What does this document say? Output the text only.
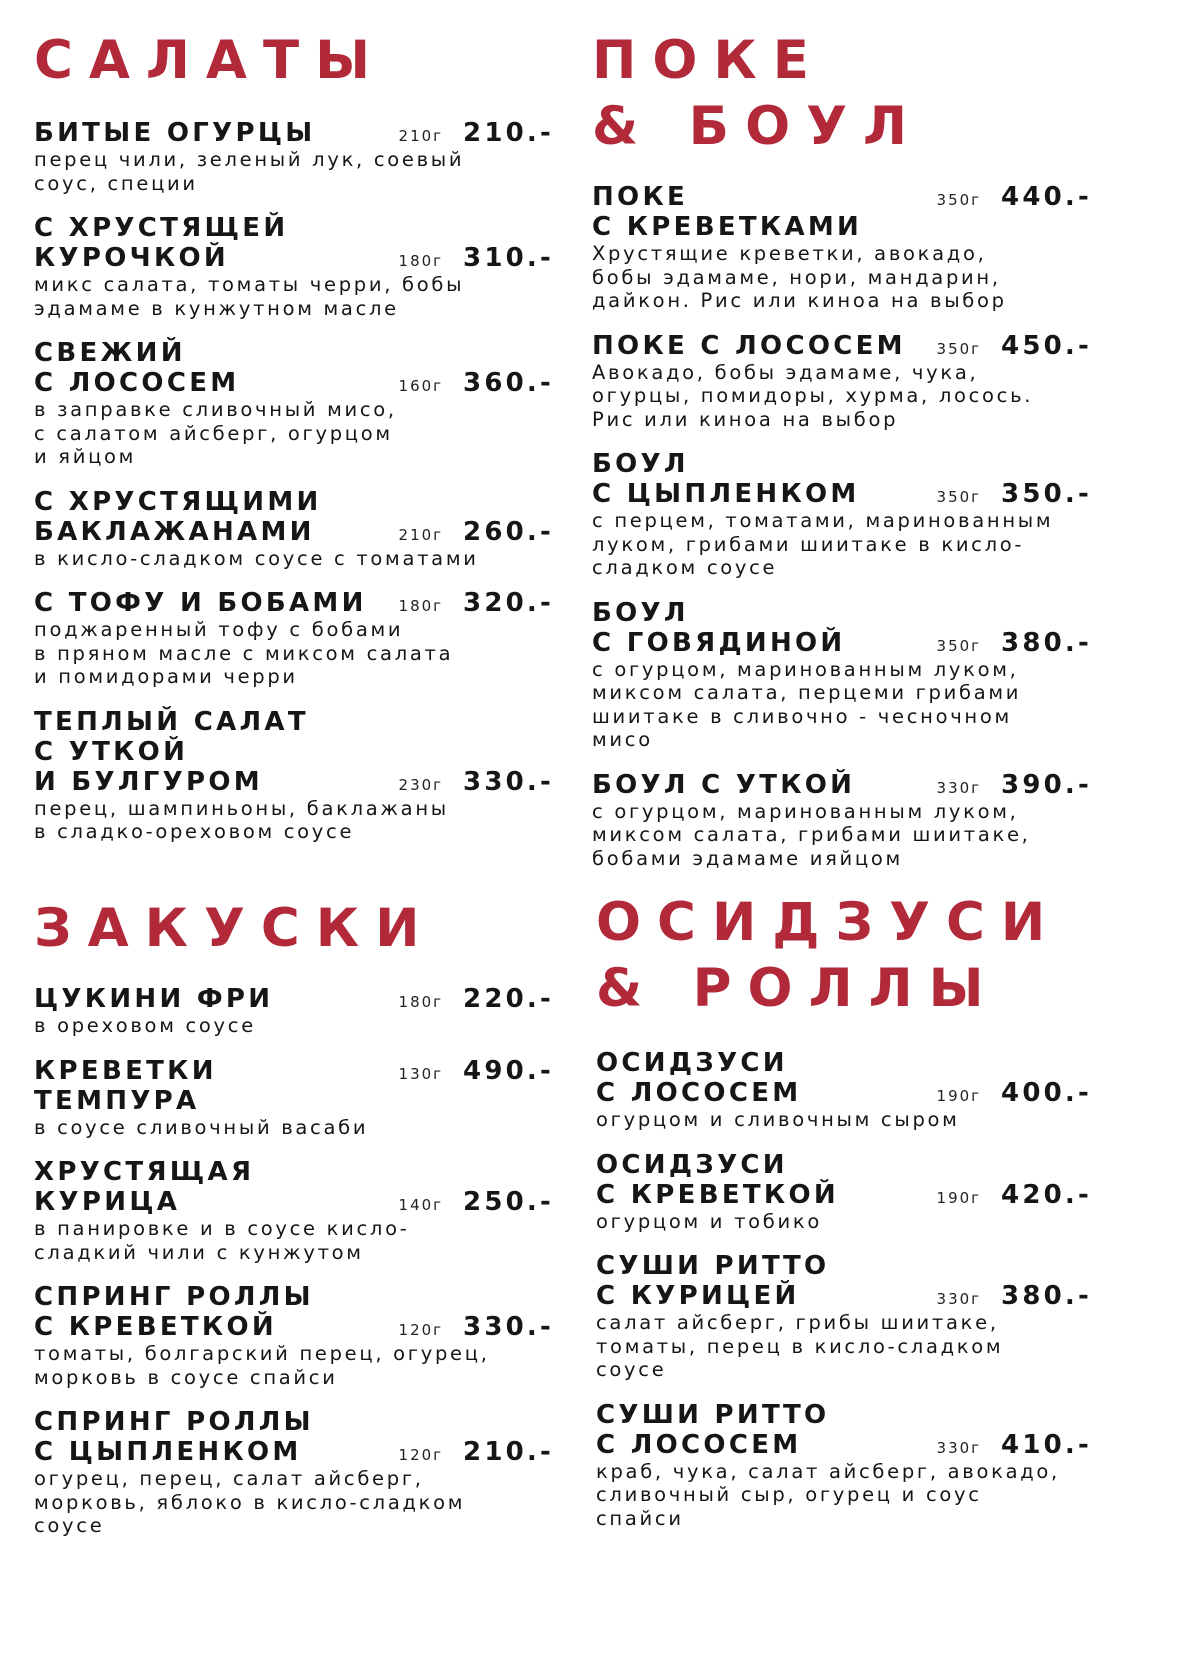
САЛАТЫ
БИТЫЕ ОГУРЦЫ	210г 210.-
перец чили, зеленый лук, соевый
соус, специи
С ХРУСТЯЩЕЙ
КУРОЧКОЙ	180г 310.-
микс салата, томаты черри, бобы
эдамаме в кунжутном масле
СВЕЖИЙ
С ЛОСОСЕМ	160г 360.-
в заправке сливочный мисо,
с салатом айсберг, огурцом
и яйцом
С ХРУСТЯЩИМИ
БАКЛАЖАНАМИ	210г 260.-
в кисло-сладком соусе с томатами
С ТОФУ И БОБАМИ	180г 320.-
поджаренный тофу с бобами
в пряном масле с миксом салата
и помидорами черри
ТЕПЛЫЙ САЛАТ
С УТКОЙ
И БУЛГУРОМ	230г 330.-
перец, шампиньоны, баклажаны
в сладко-ореховом соусе
ПОКЕ
& БОУЛ
ПОКЕ
С КРЕВЕТКАМИ
350г 440.-
Хрустящие креветки, авокадо,
бобы эдамаме, нори, мандарин,
дайкон. Рис или киноа на выбор
ПОКЕ С ЛОСОСЕМ	350г 450.-
Авокадо, бобы эдамаме, чука,
огурцы, помидоры, хурма, лосось.
Рис или киноа на выбор
БОУЛ
С ЦЫПЛЕНКОМ	350г 350.-
с перцем, томатами, маринованным
луком, грибами шиитаке в кисло-
сладком соусе
БОУЛ
С ГОВЯДИНОЙ	350г 380.-
с огурцом, маринованным луком,
миксом салата, перцеми грибами
шиитаке в сливочно - чесночном
мисо
БОУЛ С УТКОЙ	330г 390.-
с огурцом, маринованным луком,
миксом салата, грибами шиитаке,
бобами эдамаме ияйцом
ЗАКУСКИ
ЦУКИНИ ФРИ	180г 220.-
в ореховом соусе
КРЕВЕТКИ
ТЕМПУРА
130г 490.-
в соусе сливочный васаби
ХРУСТЯЩАЯ
КУРИЦА	140г 250.-
в панировке и в соусе кисло-
сладкий чили с кунжутом
СПРИНГ РОЛЛЫ
С КРЕВЕТКОЙ	120г 330.-
томаты, болгарский перец, огурец,
морковь в соусе спайси
СПРИНГ РОЛЛЫ
С ЦЫПЛЕНКОМ	120г 210.-
огурец, перец, салат айсберг,
морковь, яблоко в кисло-сладком
соусе
ОСИДЗУСИ
& РОЛЛЫ
ОСИДЗУСИ
С ЛОСОСЕМ	190г 400.-
огурцом и сливочным сыром
ОСИДЗУСИ
С КРЕВЕТКОЙ	190г 420.-
огурцом и тобико
СУШИ РИТТО
С КУРИЦЕЙ	330г 380.-
салат айсберг, грибы шиитаке,
томаты, перец в кисло-сладком
соусе
СУШИ РИТТО
С ЛОСОСЕМ	330г 410.-
краб, чука, салат айсберг, авокадо,
сливочный сыр, огурец и соус
спайси
